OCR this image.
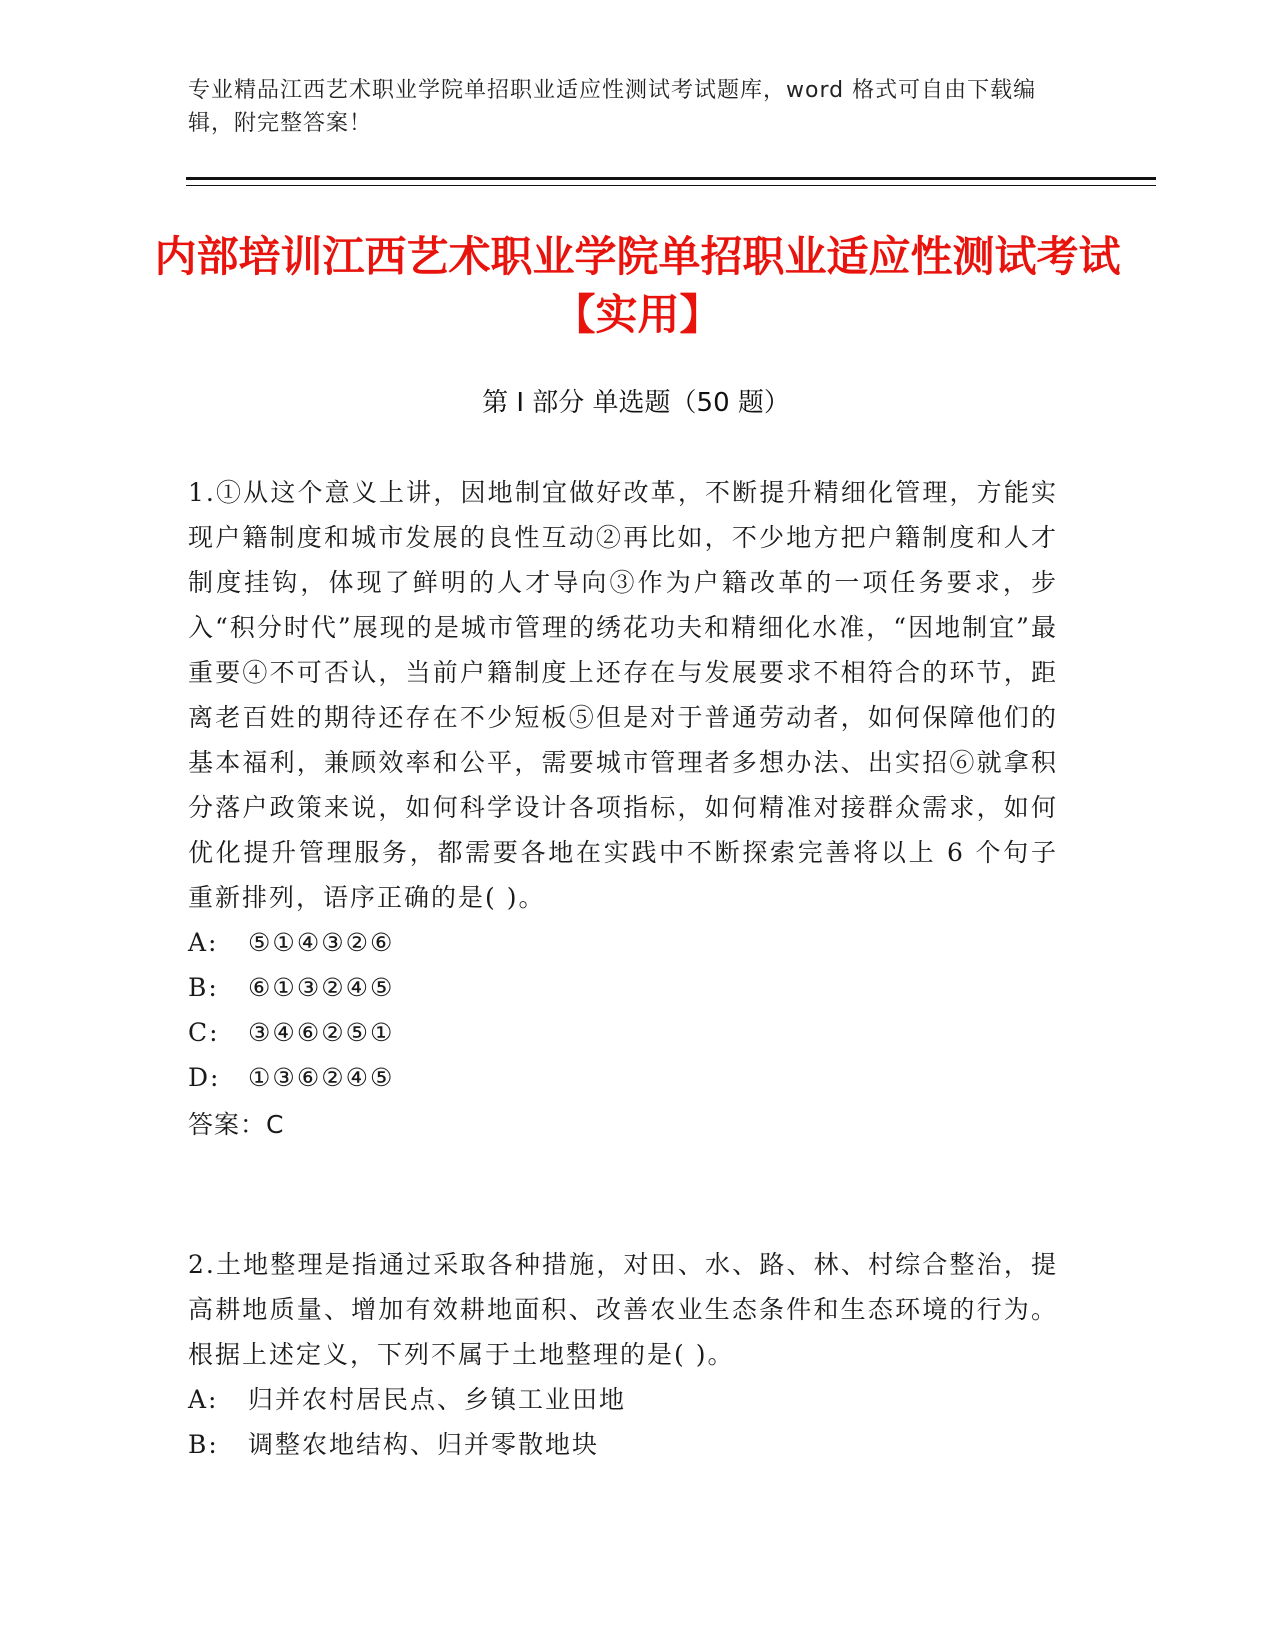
专业精品江西艺术职业学院单招职业适应性测试考试题库，word 格式可自由下载编辑，附完整答案！
内部培训江西艺术职业学院单招职业适应性测试考试【实用】
第 I 部分 单选题（50 题）
1.①从这个意义上讲，因地制宜做好改革，不断提升精细化管理，方能实现户籍制度和城市发展的良性互动②再比如，不少地方把户籍制度和人才制度挂钩，体现了鲜明的人才导向③作为户籍改革的一项任务要求，步入“积分时代”展现的是城市管理的绣花功夫和精细化水准，“因地制宜”最重要④不可否认，当前户籍制度上还存在与发展要求不相符合的环节，距离老百姓的期待还存在不少短板⑤但是对于普通劳动者，如何保障他们的基本福利，兼顾效率和公平，需要城市管理者多想办法、出实招⑥就拿积分落户政策来说，如何科学设计各项指标，如何精准对接群众需求，如何优化提升管理服务，都需要各地在实践中不断探索完善将以上 6 个句子重新排列，语序正确的是( )。
A:	⑤①④③②⑥
B:	⑥①③②④⑤
C:	③④⑥②⑤①
D:	①③⑥②④⑤
答案：C
2.土地整理是指通过采取各种措施，对田、水、路、林、村综合整治，提高耕地质量、增加有效耕地面积、改善农业生态条件和生态环境的行为。根据上述定义，下列不属于土地整理的是( )。
A:	归并农村居民点、乡镇工业田地
B:	调整农地结构、归并零散地块
